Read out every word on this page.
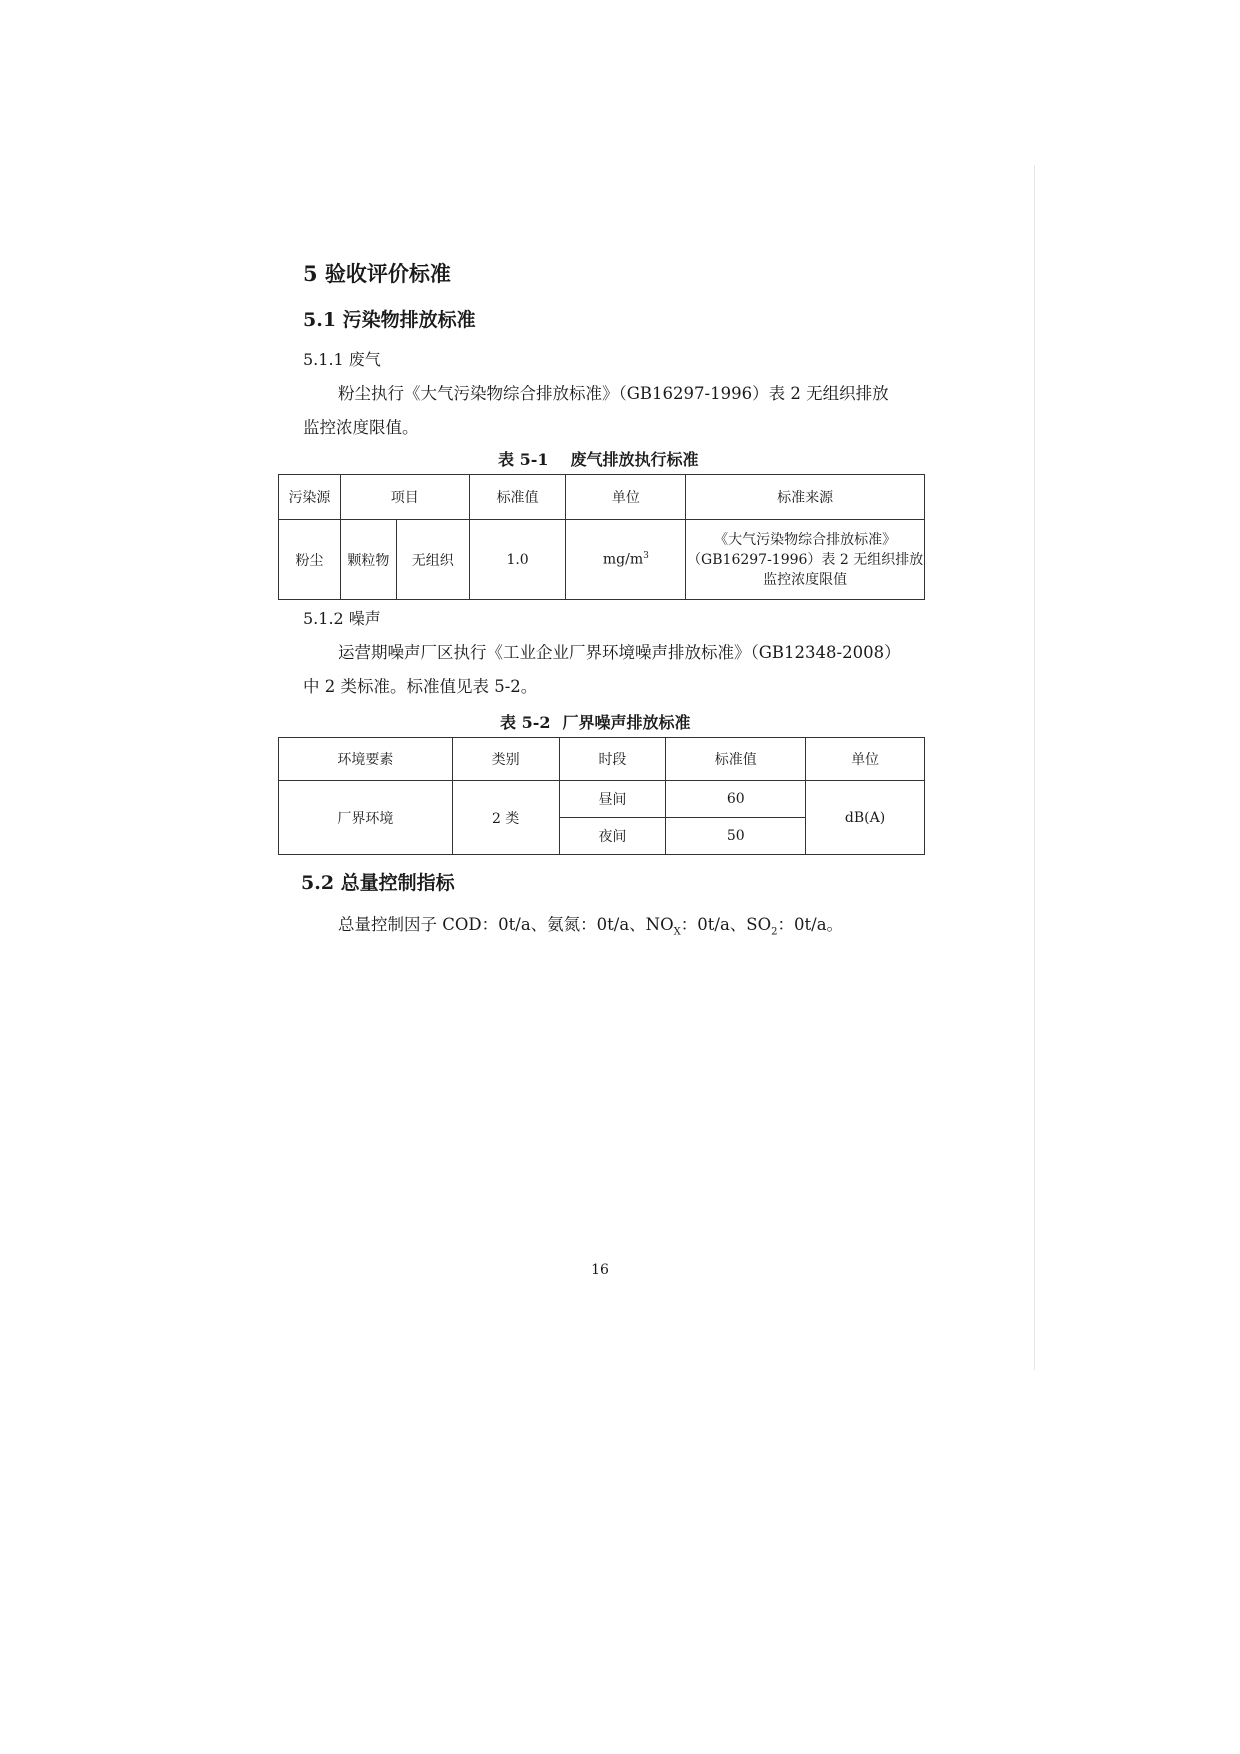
5 验收评价标准
5.1 污染物排放标准
5.1.1 废气
粉尘执行《大气污染物综合排放标准》（GB16297-1996）表 2 无组织排放
监控浓度限值。
表 5-1 废气排放执行标准
污染源	项目		标准值	单位	标准来源
粉尘	颗粒物	无组织	1.0	$mg/m^3$	《大气污染物综合排放标准》
（GB16297-1996）表 2 无组织排放
监控浓度限值
5.1.2 噪声
运营期噪声厂区执行《工业企业厂界环境噪声排放标准》（GB12348-2008）
中 2 类标准。标准值见表 5-2。
表 5-2 厂界噪声排放标准
环境要素	类别	时段	标准值	单位
厂界环境	2 类	昼间	60	dB(A)
		夜间	50	
5.2 总量控制指标
总量控制因子 COD：0t/a、氨氮：0t/a、$NO_X$：0t/a、$SO_2$：0t/a。
16
